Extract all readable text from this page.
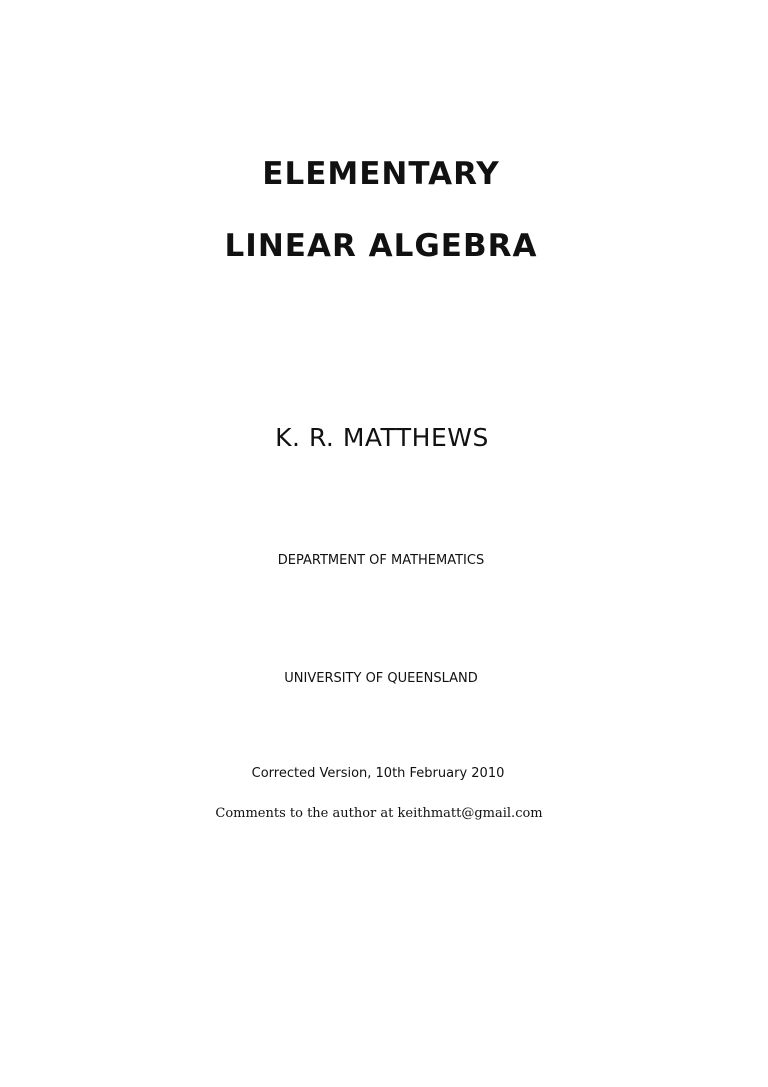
ELEMENTARY
LINEAR ALGEBRA
K. R. MATTHEWS
DEPARTMENT OF MATHEMATICS
UNIVERSITY OF QUEENSLAND
Corrected Version, 10th February 2010
Comments to the author at keithmatt@gmail.com
